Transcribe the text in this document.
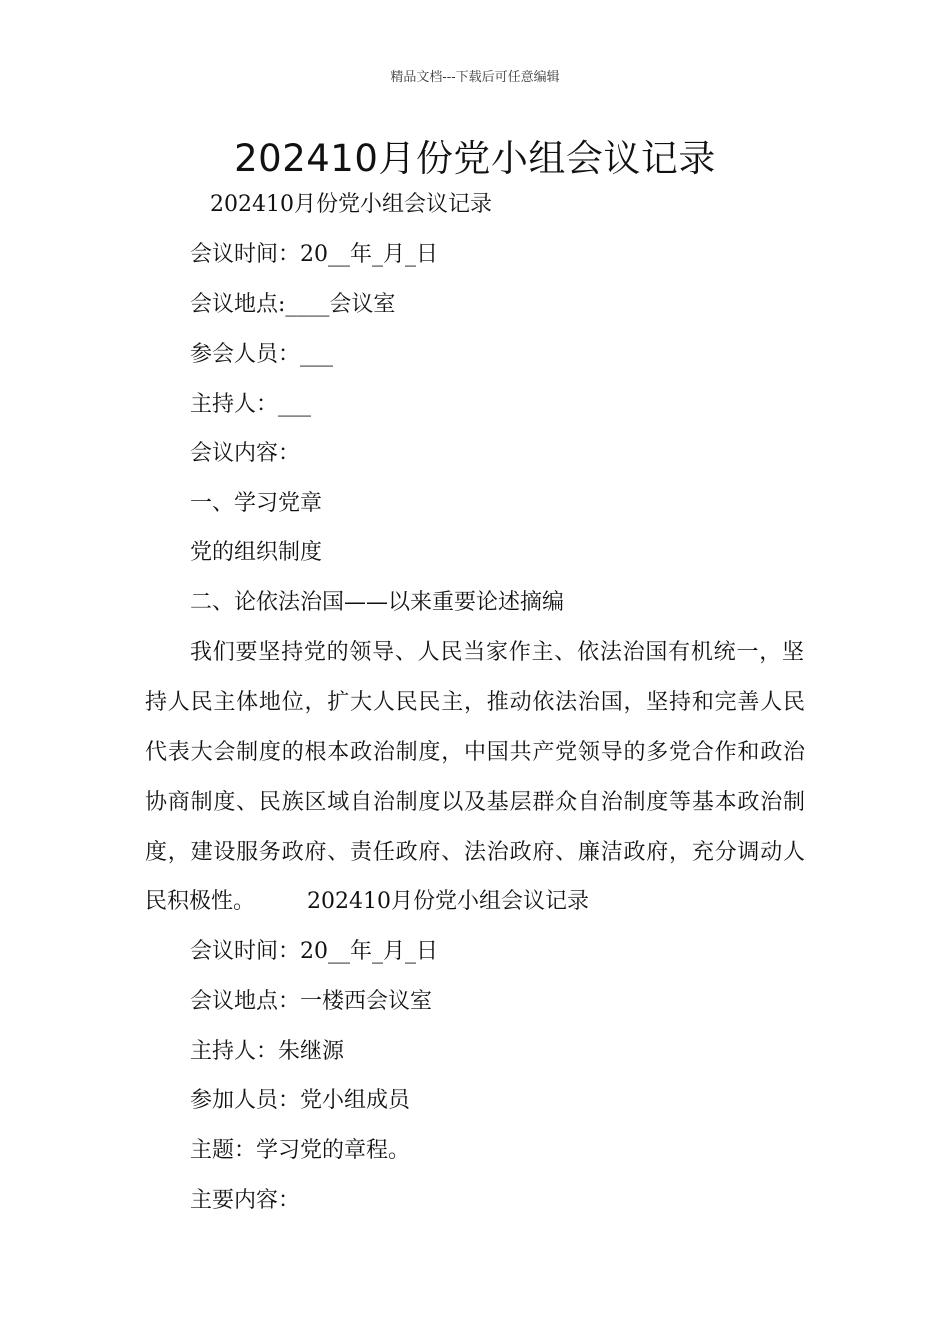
精品文档---下载后可任意编辑
202410月份党小组会议记录
202410月份党小组会议记录
会议时间：20__年_月_日
会议地点:____会议室
参会人员：___
主持人：___
会议内容：
一、学习党章
党的组织制度
二、论依法治国——以来重要论述摘编
我们要坚持党的领导、人民当家作主、依法治国有机统一，坚
持人民主体地位，扩大人民民主，推动依法治国，坚持和完善人民
代表大会制度的根本政治制度，中国共产党领导的多党合作和政治
协商制度、民族区域自治制度以及基层群众自治制度等基本政治制
度，建设服务政府、责任政府、法治政府、廉洁政府，充分调动人
民积极性。 202410月份党小组会议记录
会议时间：20__年_月_日
会议地点：一楼西会议室
主持人：朱继源
参加人员：党小组成员
主题：学习党的章程。
主要内容：
